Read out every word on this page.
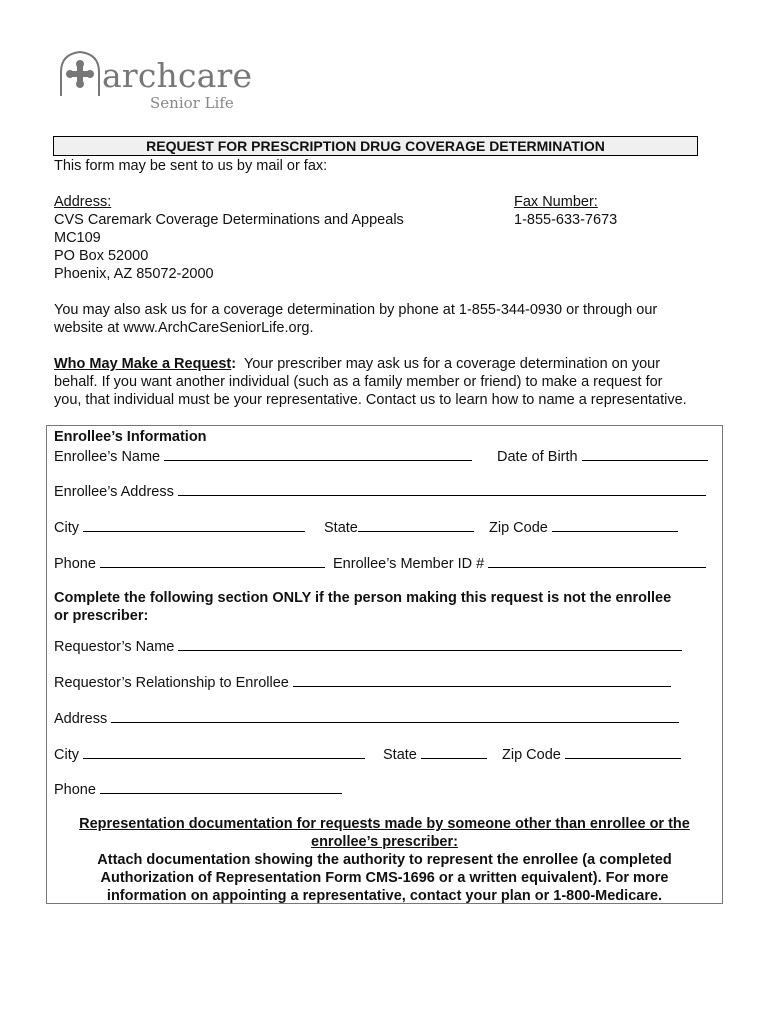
archcare
Senior Life
REQUEST FOR PRESCRIPTION DRUG COVERAGE DETERMINATION
This form may be sent to us by mail or fax:
Address:
CVS Caremark Coverage Determinations and Appeals
MC109
PO Box 52000
Phoenix, AZ 85072-2000
Fax Number:
1-855-633-7673
You may also ask us for a coverage determination by phone at 1-855-344-0930 or through our
website at www.ArchCareSeniorLife.org.
Who May Make a Request:  Your prescriber may ask us for a coverage determination on your
behalf. If you want another individual (such as a family member or friend) to make a request for
you, that individual must be your representative. Contact us to learn how to name a representative.
Enrollee’s Information
Enrollee’s Name	Date of Birth
Enrollee’s Address
City	State	Zip Code
Phone	Enrollee’s Member ID #
Complete the following section ONLY if the person making this request is not the enrollee
or prescriber:
Requestor’s Name
Requestor’s Relationship to Enrollee
Address
City	State	Zip Code
Phone
Representation documentation for requests made by someone other than enrollee or the
enrollee’s prescriber:
Attach documentation showing the authority to represent the enrollee (a completed
Authorization of Representation Form CMS-1696 or a written equivalent). For more
information on appointing a representative, contact your plan or 1-800-Medicare.
